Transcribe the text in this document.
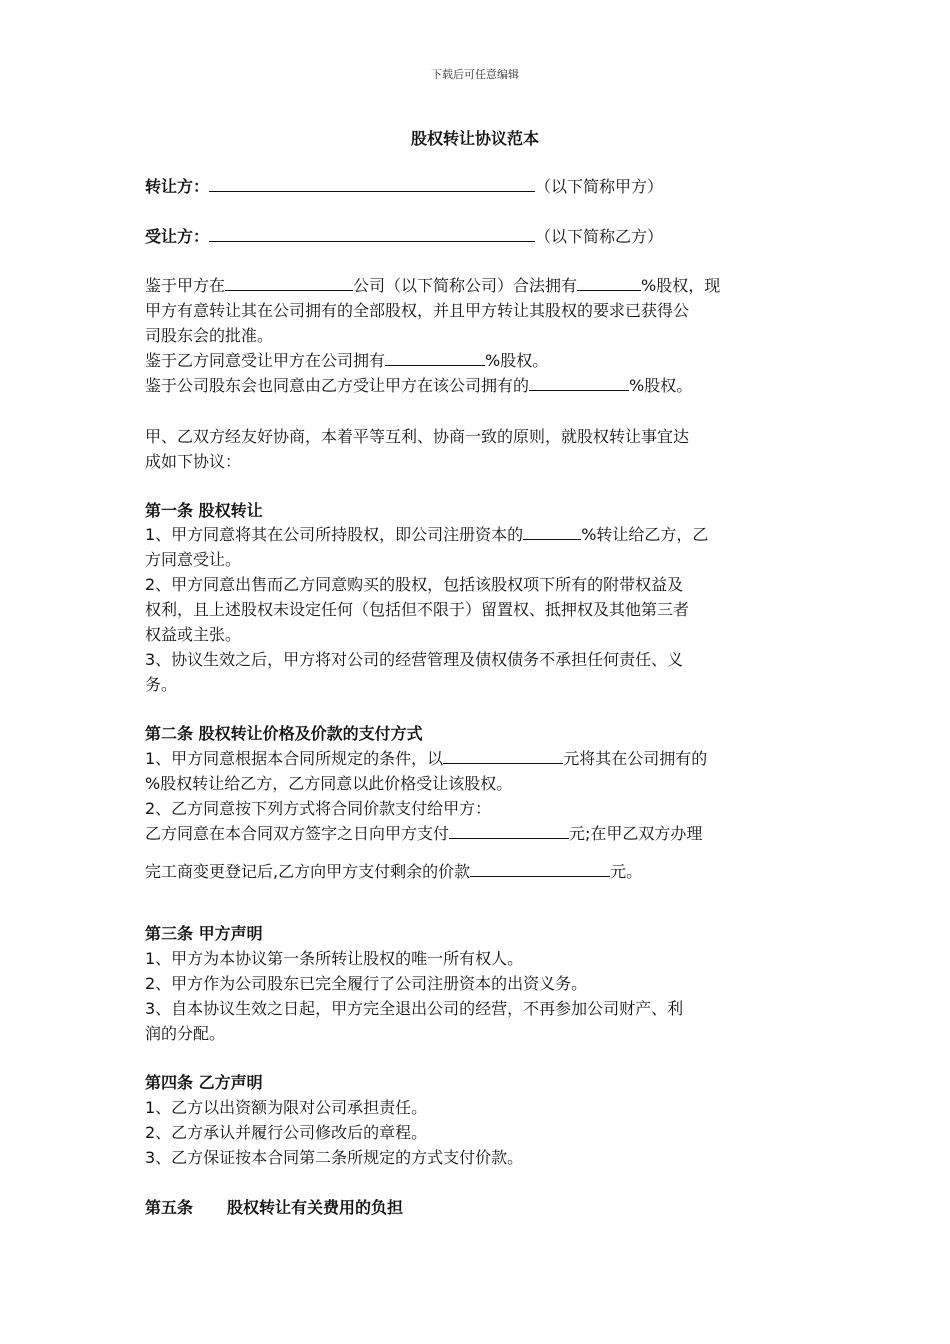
下载后可任意编辑
股权转让协议范本
转让方：	（以下简称甲方）
受让方：	（以下简称乙方）
鉴于甲方在	公司（以下简称公司）合法拥有	%股权，现
甲方有意转让其在公司拥有的全部股权，并且甲方转让其股权的要求已获得公
司股东会的批准。
鉴于乙方同意受让甲方在公司拥有	%股权。
鉴于公司股东会也同意由乙方受让甲方在该公司拥有的	%股权。
甲、乙双方经友好协商，本着平等互利、协商一致的原则，就股权转让事宜达
成如下协议：
第一条 股权转让
1、甲方同意将其在公司所持股权，即公司注册资本的	%转让给乙方，乙
方同意受让。
2、甲方同意出售而乙方同意购买的股权，包括该股权项下所有的附带权益及
权利，且上述股权未设定任何（包括但不限于）留置权、抵押权及其他第三者
权益或主张。
3、协议生效之后，甲方将对公司的经营管理及债权债务不承担任何责任、义
务。
第二条 股权转让价格及价款的支付方式
1、甲方同意根据本合同所规定的条件，以	元将其在公司拥有的
%股权转让给乙方，乙方同意以此价格受让该股权。
2、乙方同意按下列方式将合同价款支付给甲方：
乙方同意在本合同双方签字之日向甲方支付	元;在甲乙双方办理
完工商变更登记后,乙方向甲方支付剩余的价款	元。
第三条 甲方声明
1、甲方为本协议第一条所转让股权的唯一所有权人。
2、甲方作为公司股东已完全履行了公司注册资本的出资义务。
3、自本协议生效之日起，甲方完全退出公司的经营，不再参加公司财产、利
润的分配。
第四条 乙方声明
1、乙方以出资额为限对公司承担责任。
2、乙方承认并履行公司修改后的章程。
3、乙方保证按本合同第二条所规定的方式支付价款。
第五条 股权转让有关费用的负担
